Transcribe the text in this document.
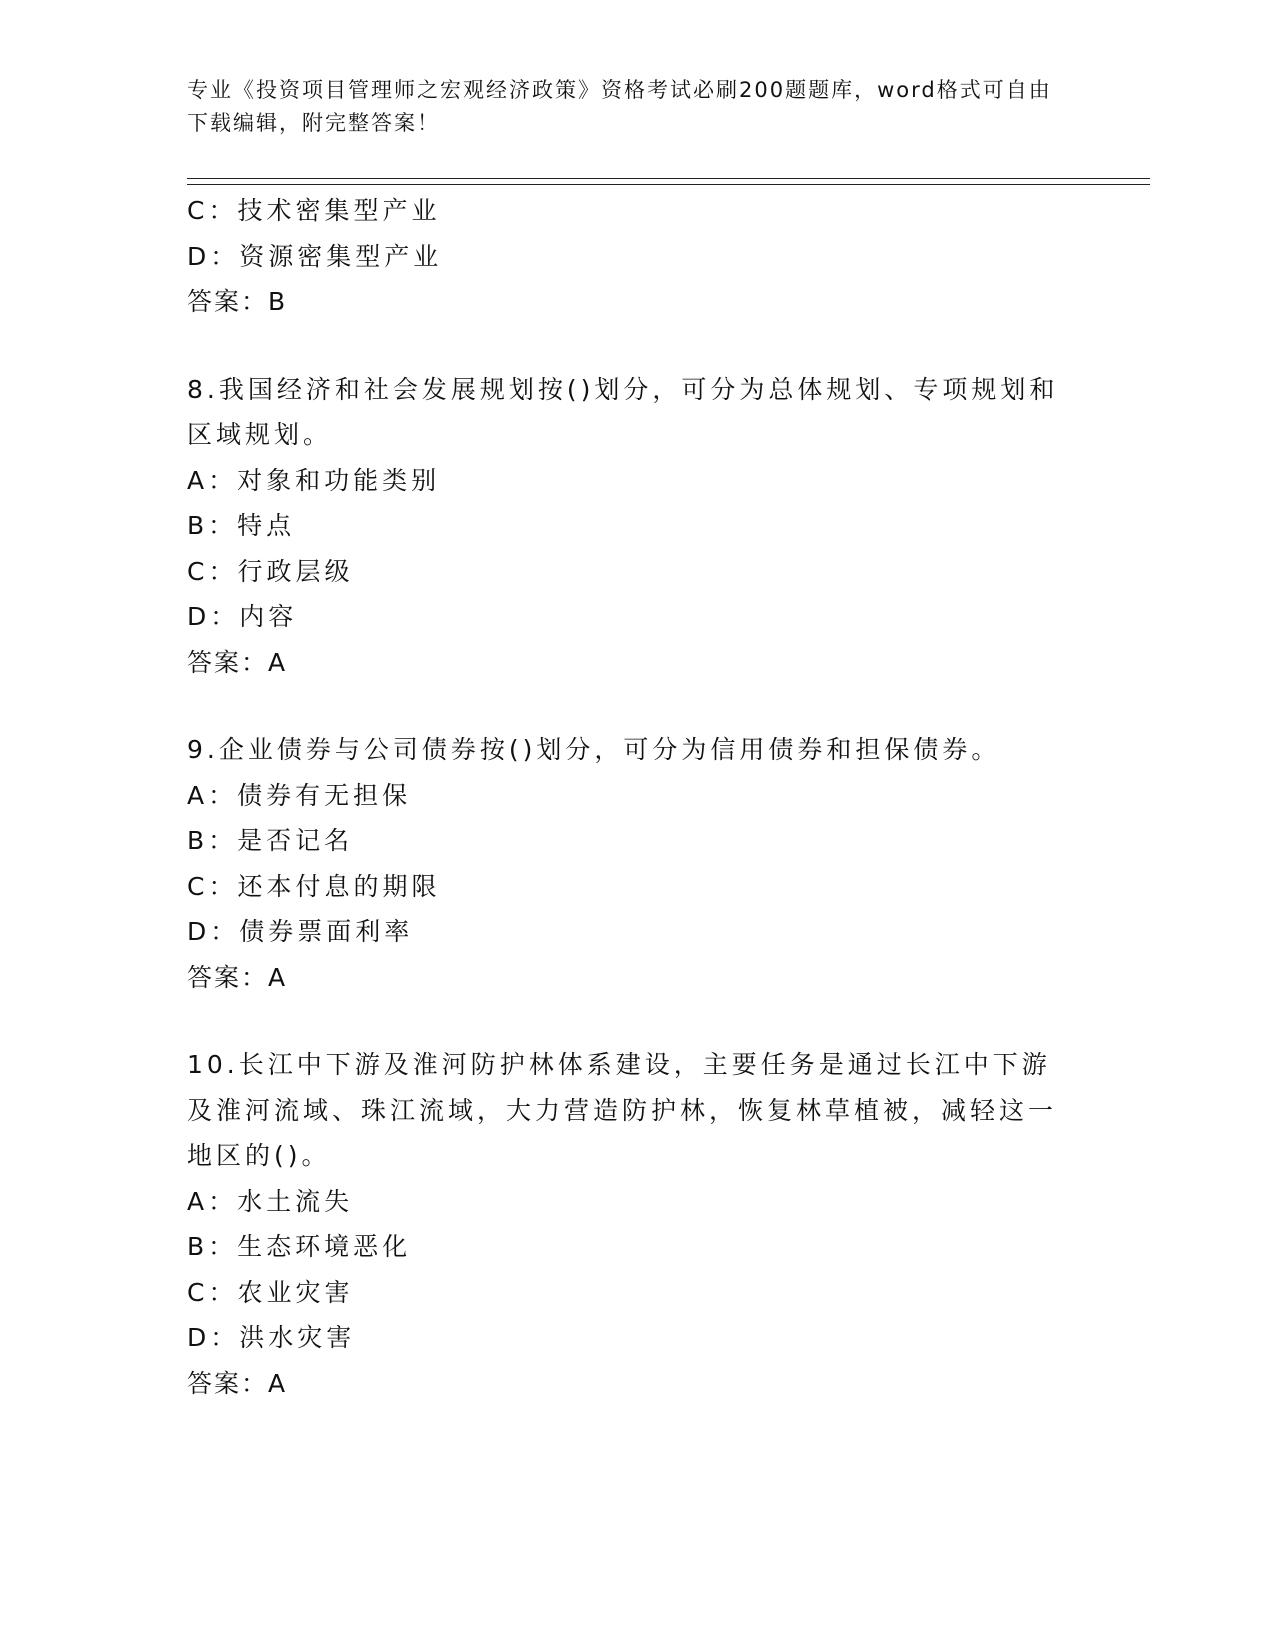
专业《投资项目管理师之宏观经济政策》资格考试必刷200题题库，word格式可自由下载编辑，附完整答案！
C：技术密集型产业
D：资源密集型产业
答案：B
8.我国经济和社会发展规划按()划分，可分为总体规划、专项规划和区域规划。
A：对象和功能类别
B：特点
C：行政层级
D：内容
答案：A
9.企业债券与公司债券按()划分，可分为信用债券和担保债券。
A：债券有无担保
B：是否记名
C：还本付息的期限
D：债券票面利率
答案：A
10.长江中下游及淮河防护林体系建设，主要任务是通过长江中下游及淮河流域、珠江流域，大力营造防护林，恢复林草植被，减轻这一地区的()。
A：水土流失
B：生态环境恶化
C：农业灾害
D：洪水灾害
答案：A
